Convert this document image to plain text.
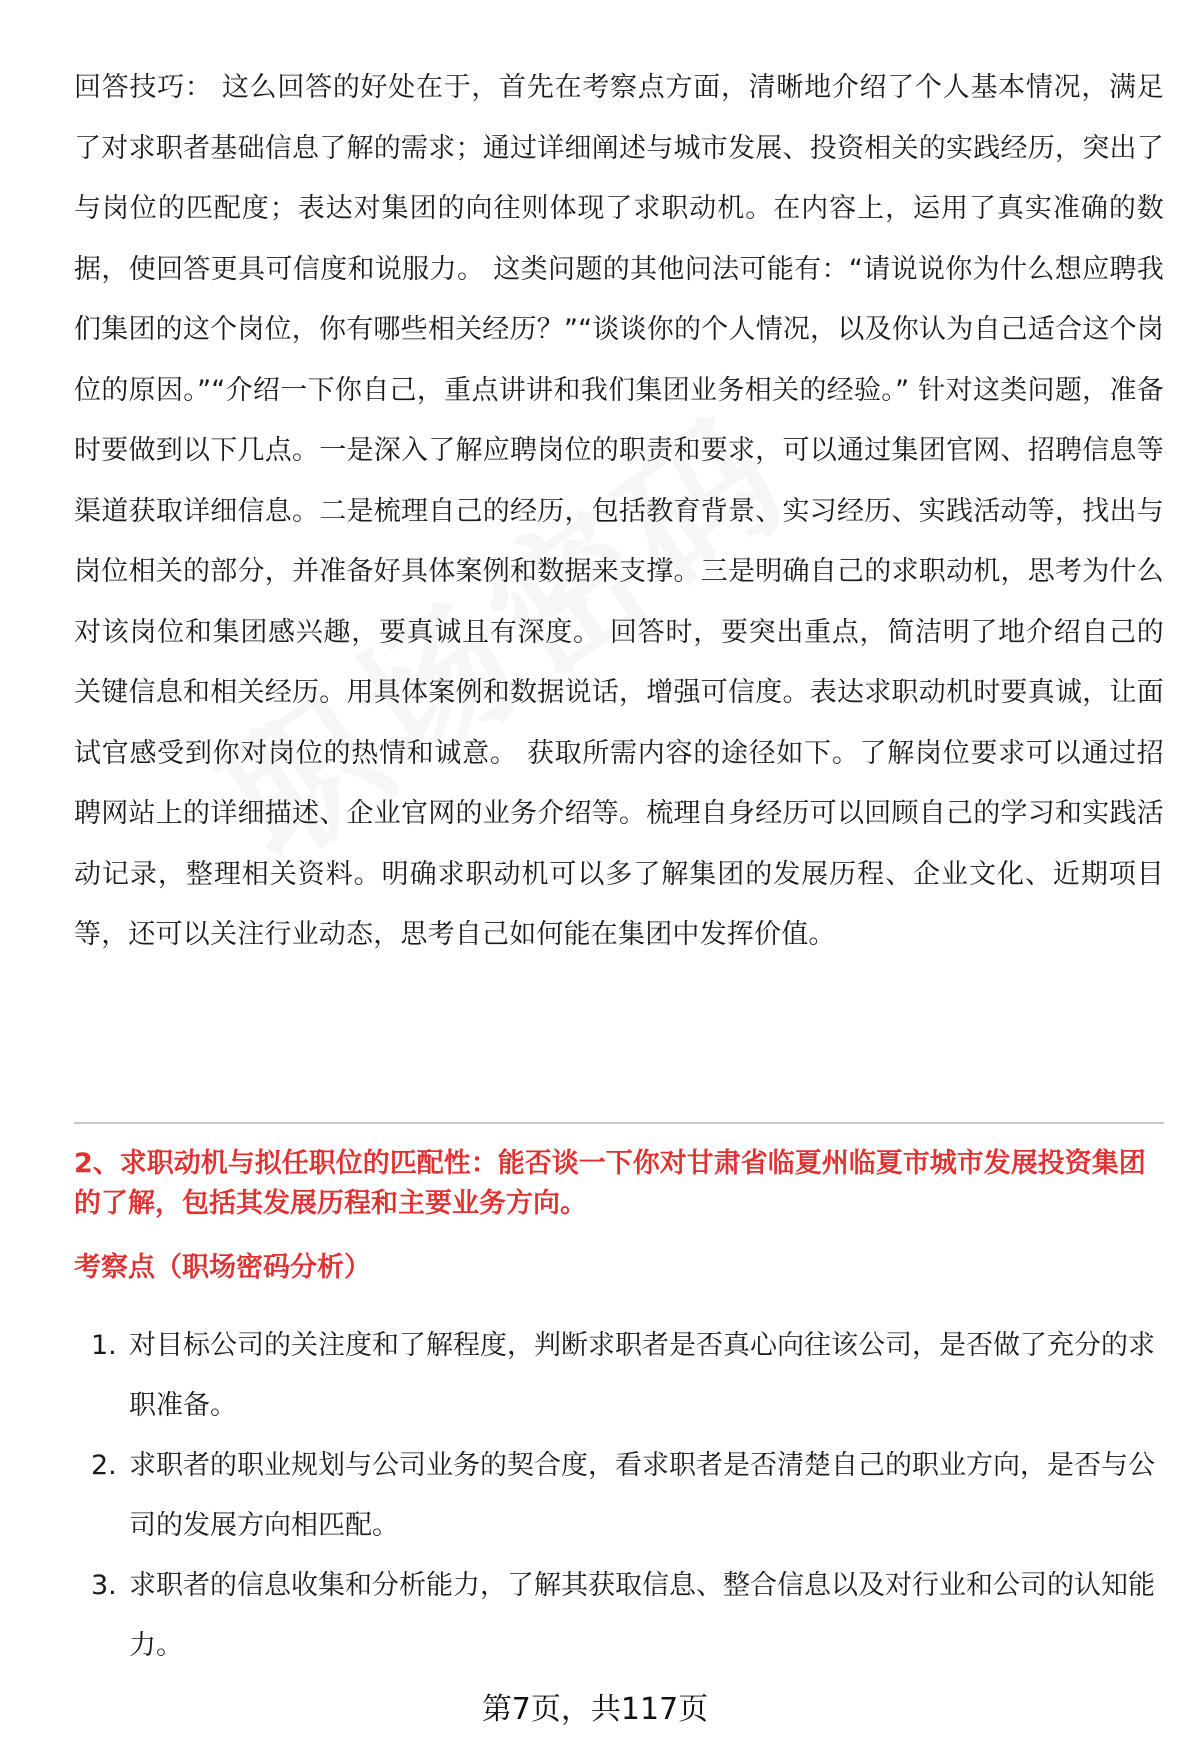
回答技巧： 这么回答的好处在于，首先在考察点方面，清晰地介绍了个人基本情况，满足了对求职者基础信息了解的需求；通过详细阐述与城市发展、投资相关的实践经历，突出了与岗位的匹配度；表达对集团的向往则体现了求职动机。在内容上，运用了真实准确的数据，使回答更具可信度和说服力。 这类问题的其他问法可能有：“请说说你为什么想应聘我们集团的这个岗位，你有哪些相关经历？”“谈谈你的个人情况，以及你认为自己适合这个岗位的原因。”“介绍一下你自己，重点讲讲和我们集团业务相关的经验。” 针对这类问题，准备时要做到以下几点。一是深入了解应聘岗位的职责和要求，可以通过集团官网、招聘信息等渠道获取详细信息。二是梳理自己的经历，包括教育背景、实习经历、实践活动等，找出与岗位相关的部分，并准备好具体案例和数据来支撑。三是明确自己的求职动机，思考为什么对该岗位和集团感兴趣，要真诚且有深度。 回答时，要突出重点，简洁明了地介绍自己的关键信息和相关经历。用具体案例和数据说话，增强可信度。表达求职动机时要真诚，让面试官感受到你对岗位的热情和诚意。 获取所需内容的途径如下。了解岗位要求可以通过招聘网站上的详细描述、企业官网的业务介绍等。梳理自身经历可以回顾自己的学习和实践活动记录，整理相关资料。明确求职动机可以多了解集团的发展历程、企业文化、近期项目等，还可以关注行业动态，思考自己如何能在集团中发挥价值。

2、求职动机与拟任职位的匹配性：能否谈一下你对甘肃省临夏州临夏市城市发展投资集团的了解，包括其发展历程和主要业务方向。

考察点（职场密码分析）

1. 对目标公司的关注度和了解程度，判断求职者是否真心向往该公司，是否做了充分的求职准备。
2. 求职者的职业规划与公司业务的契合度，看求职者是否清楚自己的职业方向，是否与公司的发展方向相匹配。
3. 求职者的信息收集和分析能力，了解其获取信息、整合信息以及对行业和公司的认知能力。
第7页，共117页
